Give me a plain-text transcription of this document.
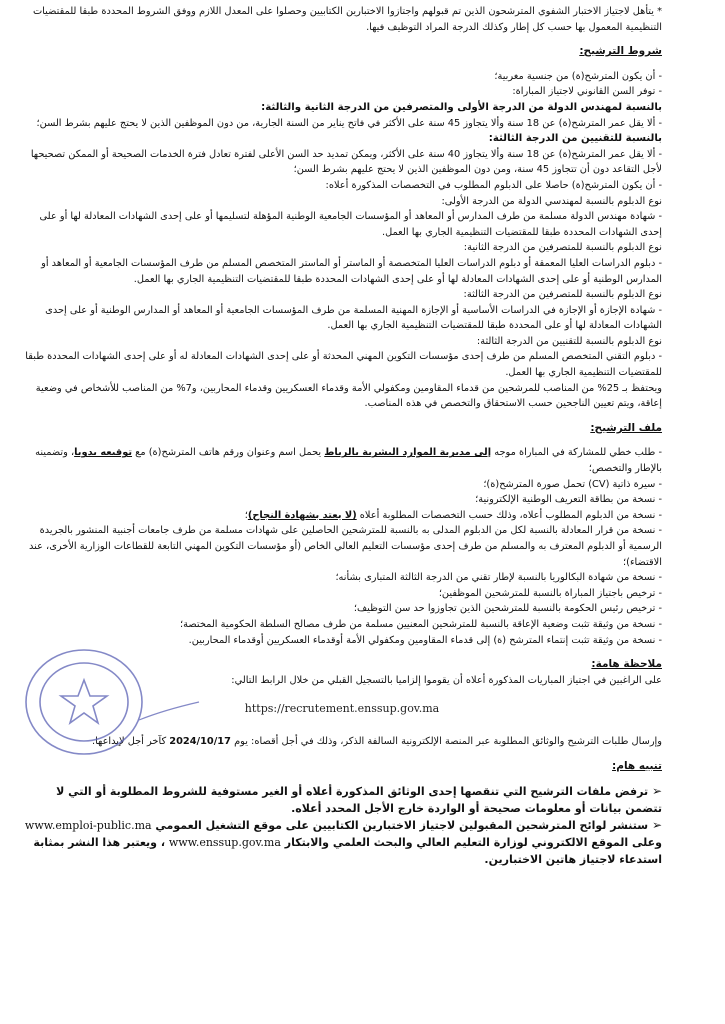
* يتأهل لاجتياز الاختبار الشفوي المترشحون الذين تم قبولهم واجتازوا الاختبارين الكتابيين وحصلوا على المعدل اللازم ووفق الشروط المحددة طبقا للمقتضيات التنظيمية المعمول بها حسب كل إطار وكذلك الدرجة المراد التوظيف فيها.

شروط الترشيح:

- أن يكون المترشح(ة) من جنسية مغربية؛

- توفر السن القانوني لاجتياز المباراة:

بالنسبة لمهندس الدولة من الدرجة الأولى والمتصرفين من الدرجة الثانية والثالثة:

- ألا يقل عمر المترشح(ة) عن 18 سنة وألا يتجاوز 45 سنة على الأكثر في فاتح يناير من السنة الجارية، من دون الموظفين الذين لا يحتج عليهم بشرط السن؛

بالنسبة للتقنيين من الدرجة الثالثة:

- ألا يقل عمر المترشح(ة) عن 18 سنة وألا يتجاوز 40 سنة على الأكثر، ويمكن تمديد حد السن الأعلى لفترة تعادل فترة الخدمات الصحيحة أو الممكن تصحيحها لأجل التقاعد دون أن تتجاوز 45 سنة، ومن دون الموظفين الذين لا يحتج عليهم بشرط السن؛

- أن يكون المترشح(ة) حاصلا على الدبلوم المطلوب في التخصصات المذكورة أعلاه:

نوع الدبلوم بالنسبة لمهندسي الدولة من الدرجة الأولى:

- شهادة مهندس الدولة مسلمة من طرف المدارس أو المعاهد أو المؤسسات الجامعية الوطنية المؤهلة لتسليمها أو على إحدى الشهادات المعادلة لها أو على إحدى الشهادات المحددة طبقا للمقتضيات التنظيمية الجاري بها العمل.

نوع الدبلوم بالنسبة للمتصرفين من الدرجة الثانية:

- دبلوم الدراسات العليا المعمقة أو دبلوم الدراسات العليا المتخصصة أو الماستر أو الماستر المتخصص المسلم من طرف المؤسسات الجامعية أو المعاهد أو المدارس الوطنية أو على إحدى الشهادات المعادلة لها أو على إحدى الشهادات المحددة طبقا للمقتضيات التنظيمية الجاري بها العمل.

نوع الدبلوم بالنسبة للمتصرفين من الدرجة الثالثة:

- شهادة الإجازة أو الإجازة في الدراسات الأساسية أو الإجازة المهنية المسلمة من طرف المؤسسات الجامعية أو المعاهد أو المدارس الوطنية أو على إحدى الشهادات المعادلة لها أو على المحددة طبقا للمقتضيات التنظيمية الجاري بها العمل.

نوع الدبلوم بالنسبة للتقنيين من الدرجة الثالثة:

- دبلوم التقني المتخصص المسلم من طرف إحدى مؤسسات التكوين المهني المحدثة أو على إحدى الشهادات المعادلة له أو على إحدى الشهادات المحددة طبقا للمقتضيات التنظيمية الجاري بها العمل.

ويحتفظ بـ 25% من المناصب للمرشحين من قدماء المقاومين ومكفولي الأمة وقدماء العسكريين وقدماء المحاربين، و7% من المناصب للأشخاص في وضعية إعاقة، ويتم تعيين الناجحين حسب الاستحقاق والتخصص في هذه المناصب.

ملف الترشيح:

- طلب خطي للمشاركة في المباراة موجه إلى مديرية الموارد البشرية بالرباط يحمل اسم وعنوان ورقم هاتف المترشح(ة) مع توقيعه يدويا، وتضمينه بالإطار والتخصص؛

- سيرة ذاتية (CV) تحمل صورة المترشح(ة)؛

- نسخة من بطاقة التعريف الوطنية الإلكترونية؛

- نسخة من الدبلوم المطلوب أعلاه، وذلك حسب التخصصات المطلوبة أعلاه (لا يعتد بشهادة النجاح)؛

- نسخة من قرار المعادلة بالنسبة لكل من الدبلوم المدلى به بالنسبة للمترشحين الحاصلين على شهادات مسلمة من طرف جامعات أجنبية المنشور بالجريدة الرسمية أو الدبلوم المعترف به والمسلم من طرف إحدى مؤسسات التعليم العالي الخاص (أو مؤسسات التكوين المهني التابعة للقطاعات الوزارية الأخرى، عند الاقتضاء)؛

- نسخة من شهادة البكالوريا بالنسبة لإطار تقني من الدرجة الثالثة المتبارى بشأنه؛

- ترخيص باجتياز المباراة بالنسبة للمترشحين الموظفين؛

- ترخيص رئيس الحكومة بالنسبة للمترشحين الذين تجاوزوا حد سن التوظيف؛

- نسخة من وثيقة تثبت وضعية الإعاقة بالنسبة للمترشحين المعنيين مسلمة من طرف مصالح السلطة الحكومية المختصة؛

- نسخة من وثيقة تثبت إنتماء المترشح (ة) إلى قدماء المقاومين ومكفولي الأمة أوقدماء العسكريين أوقدماء المحاربين.

ملاحظة هامة:

على الراغبين في اجتياز المباريات المذكورة أعلاه أن يقوموا إلزاميا بالتسجيل القبلي من خلال الرابط التالي:

https://recrutement.enssup.gov.ma

وإرسال طلبات الترشيح والوثائق المطلوبة عبر المنصة الإلكترونية السالفة الذكر، وذلك في أجل أقصاه: يوم 2024/10/17 كآخر أجل لإيداعها.

تنبيه هام:

➢ ترفض ملفات الترشيح التي تنقصها إحدى الوثائق المذكورة أعلاه أو الغير مستوفية للشروط المطلوبة أو التي لا تتضمن بيانات أو معلومات صحيحة أو الواردة خارج الأجل المحدد أعلاه.

➢ ستنشر لوائح المترشحين المقبولين لاجتياز الاختبارين الكتابيين على موقع التشغيل العمومي www.emploi-public.ma وعلى الموقع الالكتروني لوزارة التعليم العالي والبحث العلمي والابتكار www.enssup.gov.ma ، ويعتبر هذا النشر بمثابة استدعاء لاجتياز هاتين الاختبارين.
